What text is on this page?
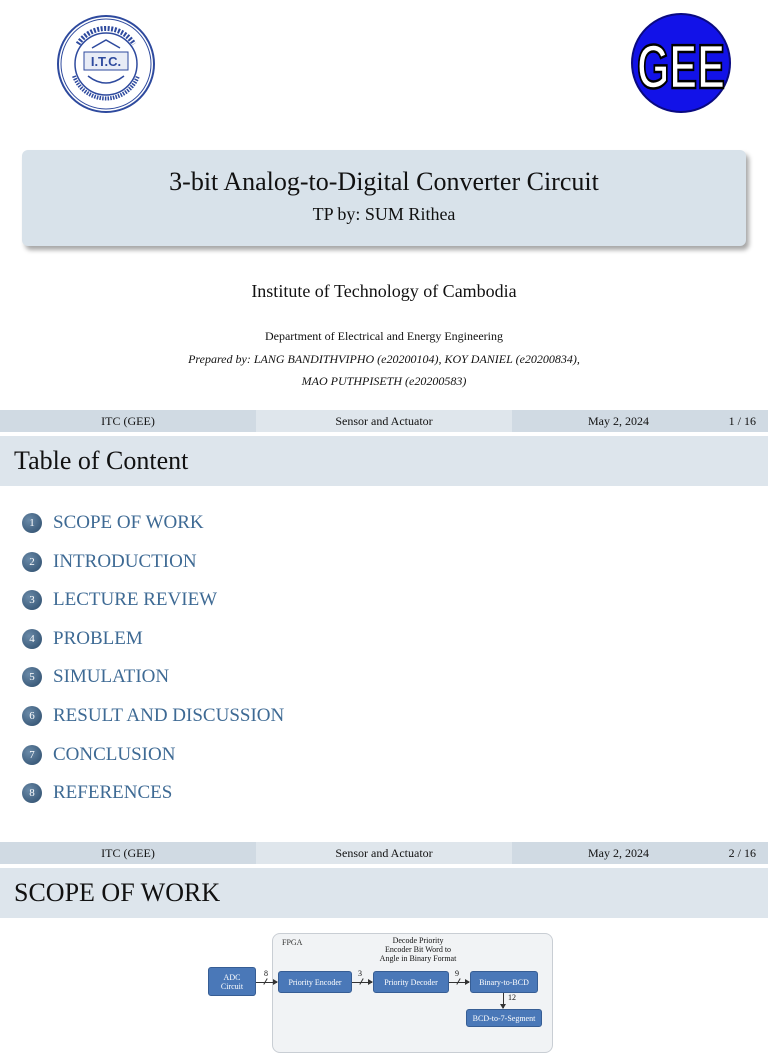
I.T.C.	GEE
3-bit Analog-to-Digital Converter Circuit
TP by: SUM Rithea
Institute of Technology of Cambodia
Department of Electrical and Energy Engineering
Prepared by: LANG BANDITHVIPHO (e20200104), KOY DANIEL (e20200834),
MAO PUTHPISETH (e20200583)
ITC (GEE)	Sensor and Actuator	May 2, 2024	1 / 16
Table of Content
1 SCOPE OF WORK
2 INTRODUCTION
3 LECTURE REVIEW
4 PROBLEM
5 SIMULATION
6 RESULT AND DISCUSSION
7 CONCLUSION
8 REFERENCES
ITC (GEE)	Sensor and Actuator	May 2, 2024	2 / 16
SCOPE OF WORK
FPGA	Decode Priority
Encoder Bit Word to
Angle in Binary Format
ADC
Circuit	Priority Encoder	Priority Decoder	Binary-to-BCD
BCD-to-7-Segment
8	3	9
12
